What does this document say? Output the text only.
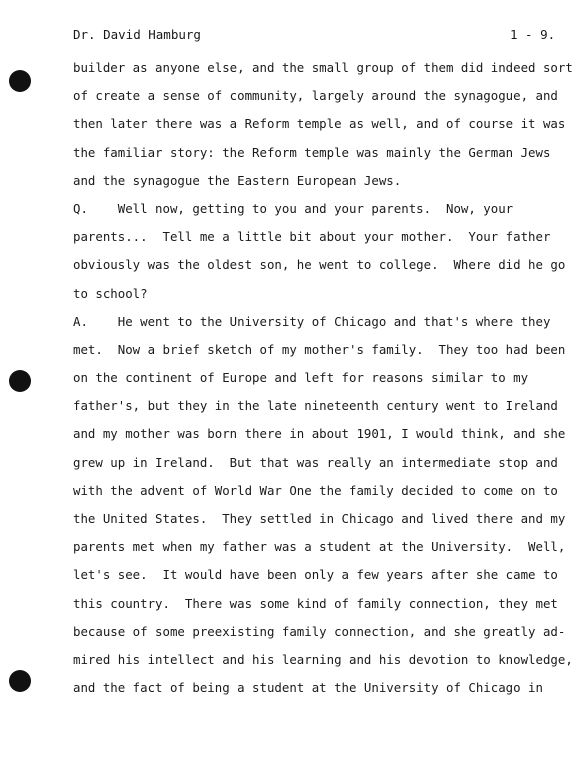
Dr. David Hamburg	1 - 9.
builder as anyone else, and the small group of them did indeed sort
of create a sense of community, largely around the synagogue, and
then later there was a Reform temple as well, and of course it was
the familiar story: the Reform temple was mainly the German Jews
and the synagogue the Eastern European Jews.
Q.    Well now, getting to you and your parents.  Now, your
parents...  Tell me a little bit about your mother.  Your father
obviously was the oldest son, he went to college.  Where did he go
to school?
A.    He went to the University of Chicago and that's where they
met.  Now a brief sketch of my mother's family.  They too had been
on the continent of Europe and left for reasons similar to my
father's, but they in the late nineteenth century went to Ireland
and my mother was born there in about 1901, I would think, and she
grew up in Ireland.  But that was really an intermediate stop and
with the advent of World War One the family decided to come on to
the United States.  They settled in Chicago and lived there and my
parents met when my father was a student at the University.  Well,
let's see.  It would have been only a few years after she came to
this country.  There was some kind of family connection, they met
because of some preexisting family connection, and she greatly ad-
mired his intellect and his learning and his devotion to knowledge,
and the fact of being a student at the University of Chicago in
